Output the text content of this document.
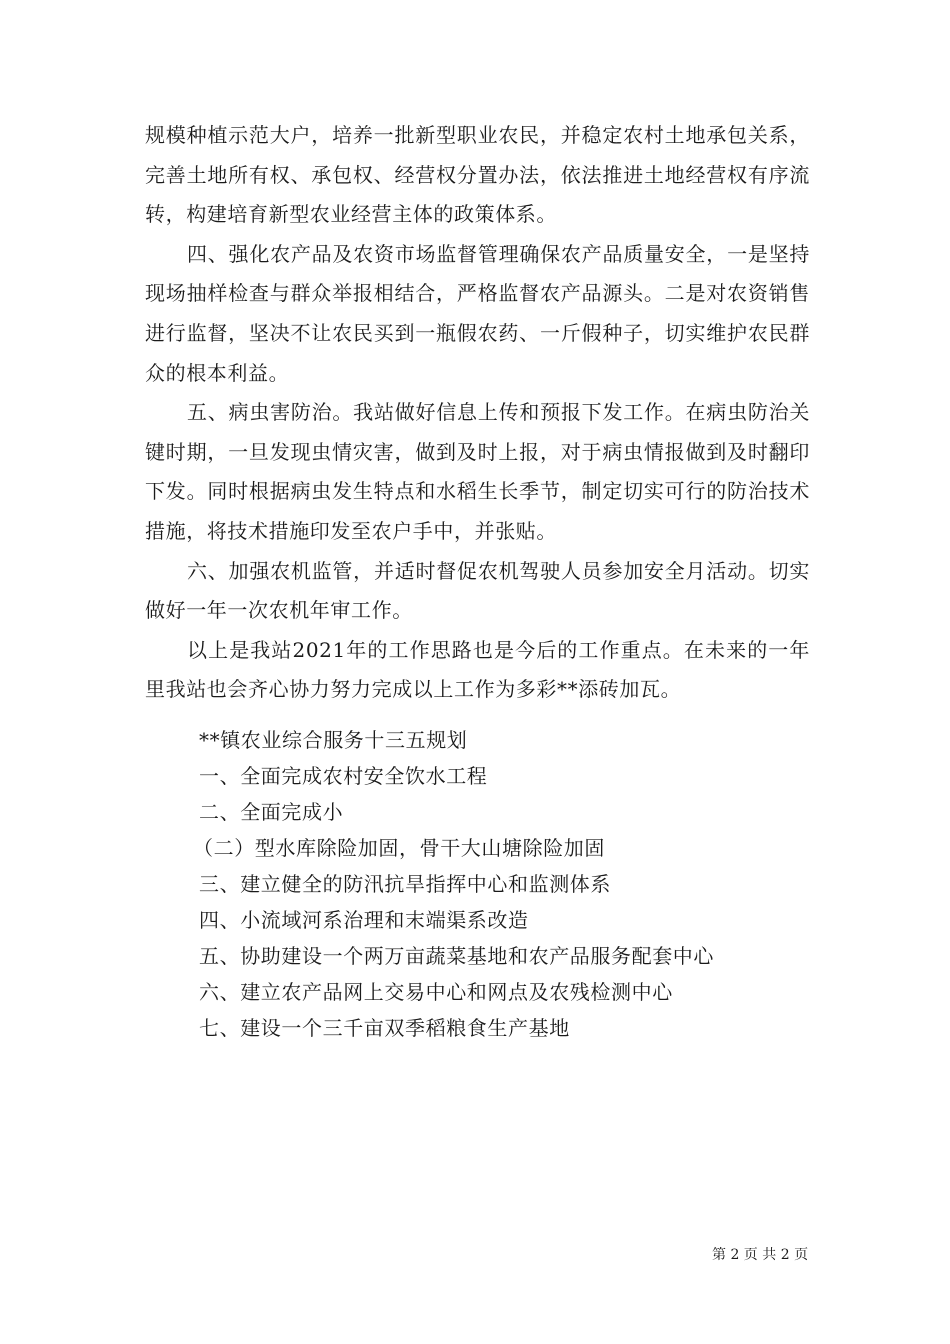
规模种植示范大户，培养一批新型职业农民，并稳定农村土地承包关系，完善土地所有权、承包权、经营权分置办法，依法推进土地经营权有序流转，构建培育新型农业经营主体的政策体系。

四、强化农产品及农资市场监督管理确保农产品质量安全，一是坚持现场抽样检查与群众举报相结合，严格监督农产品源头。二是对农资销售进行监督，坚决不让农民买到一瓶假农药、一斤假种子，切实维护农民群众的根本利益。

五、病虫害防治。我站做好信息上传和预报下发工作。在病虫防治关键时期，一旦发现虫情灾害，做到及时上报，对于病虫情报做到及时翻印下发。同时根据病虫发生特点和水稻生长季节，制定切实可行的防治技术措施，将技术措施印发至农户手中，并张贴。

六、加强农机监管，并适时督促农机驾驶人员参加安全月活动。切实做好一年一次农机年审工作。

以上是我站2021年的工作思路也是今后的工作重点。在未来的一年里我站也会齐心协力努力完成以上工作为多彩**添砖加瓦。

**镇农业综合服务十三五规划

一、全面完成农村安全饮水工程

二、全面完成小

（二）型水库除险加固，骨干大山塘除险加固

三、建立健全的防汛抗旱指挥中心和监测体系

四、小流域河系治理和末端渠系改造

五、协助建设一个两万亩蔬菜基地和农产品服务配套中心

六、建立农产品网上交易中心和网点及农残检测中心

七、建设一个三千亩双季稻粮食生产基地

第 2 页 共 2 页
